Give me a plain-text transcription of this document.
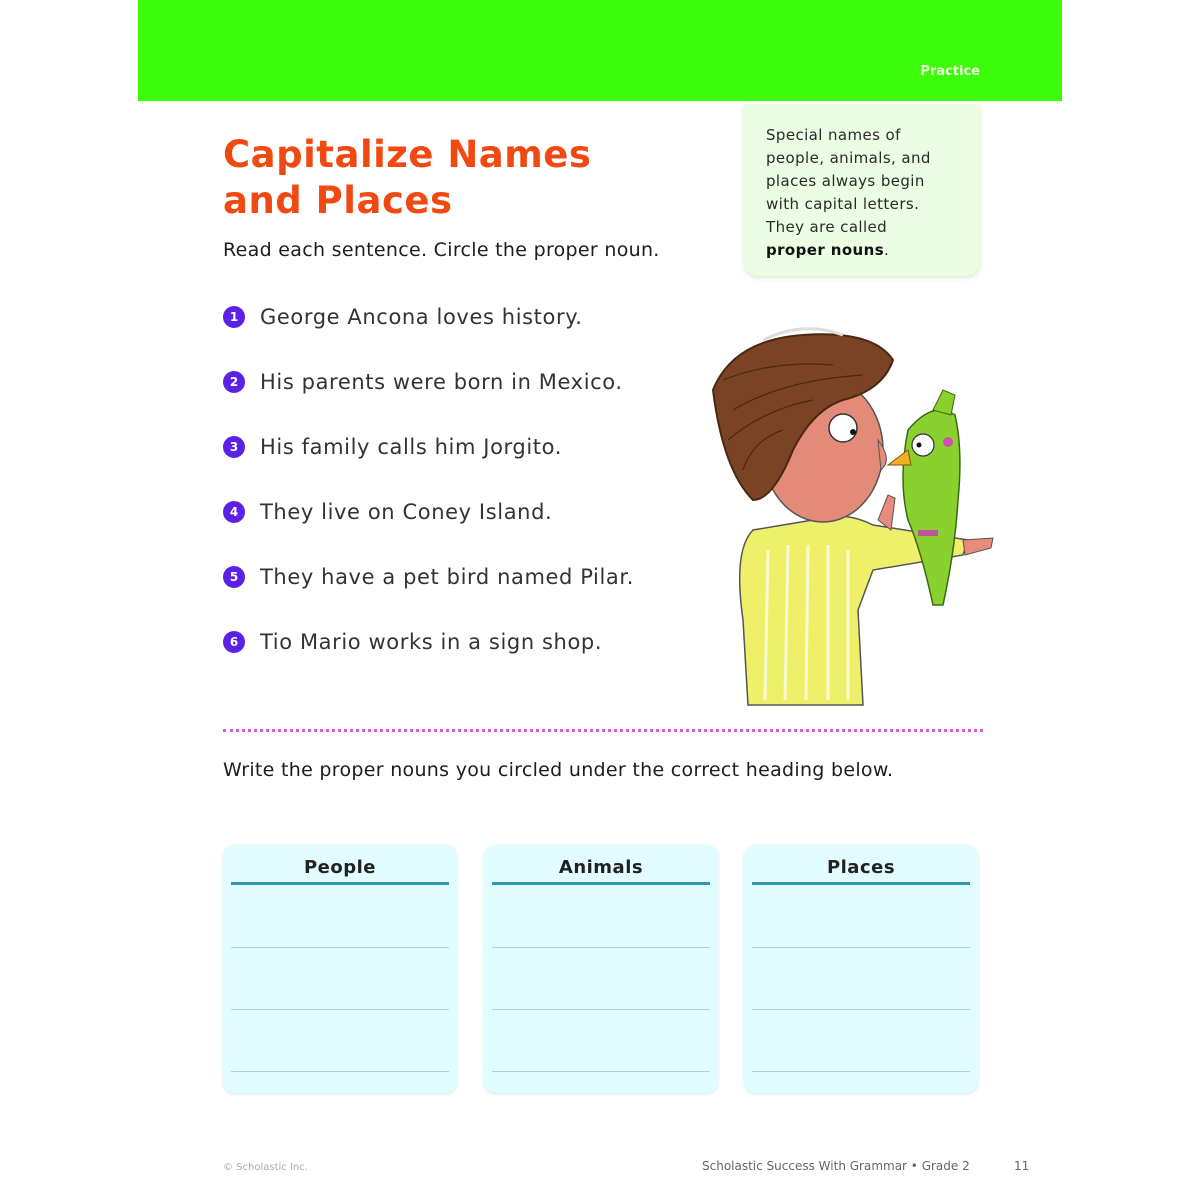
Practice
Capitalize Names
and Places
Read each sentence. Circle the proper noun.
Special names of
people, animals, and
places always begin
with capital letters.
They are called
proper nouns.
1	George Ancona loves history.
2	His parents were born in Mexico.
3	His family calls him Jorgito.
4	They live on Coney Island.
5	They have a pet bird named Pilar.
6	Tio Mario works in a sign shop.
Write the proper nouns you circled under the correct heading below.
People	Animals	Places
© Scholastic Inc.	Scholastic Success With Grammar • Grade 2	11
